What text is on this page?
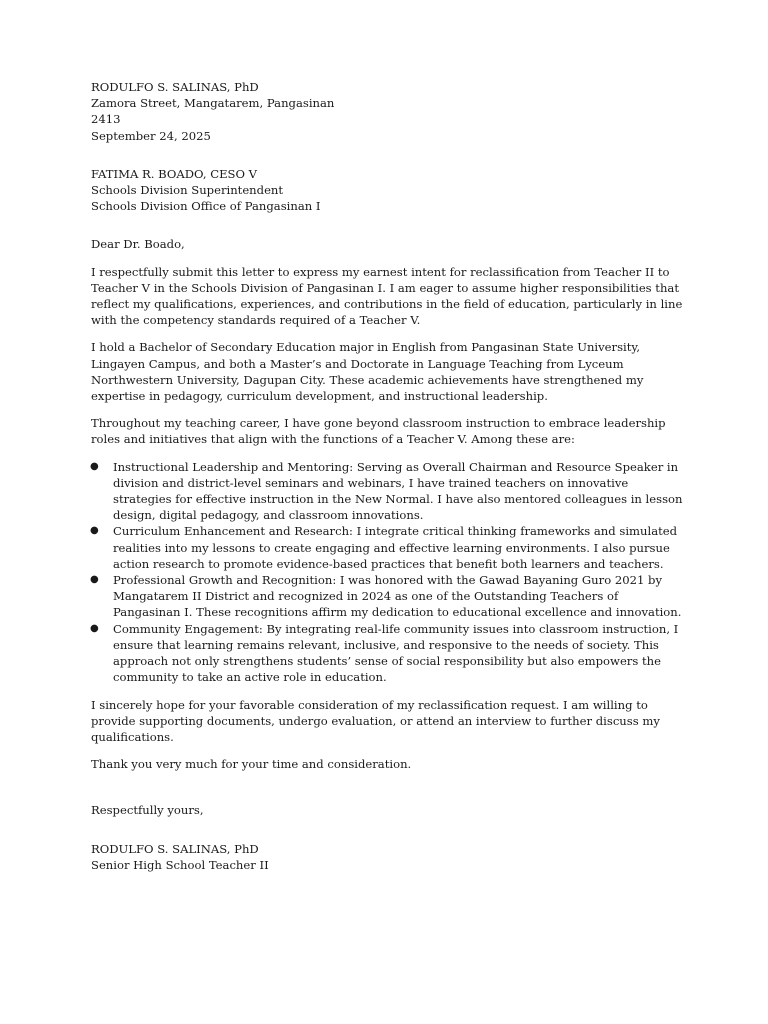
RODULFO S. SALINAS, PhD
Zamora Street, Mangatarem, Pangasinan
2413
September 24, 2025
FATIMA R. BOADO, CESO V
Schools Division Superintendent
Schools Division Office of Pangasinan I
Dear Dr. Boado,

I respectfully submit this letter to express my earnest intent for reclassification from Teacher II to Teacher V in the Schools Division of Pangasinan I. I am eager to assume higher responsibilities that reflect my qualifications, experiences, and contributions in the field of education, particularly in line with the competency standards required of a Teacher V.

I hold a Bachelor of Secondary Education major in English from Pangasinan State University, Lingayen Campus, and both a Master’s and Doctorate in Language Teaching from Lyceum Northwestern University, Dagupan City. These academic achievements have strengthened my expertise in pedagogy, curriculum development, and instructional leadership.

Throughout my teaching career, I have gone beyond classroom instruction to embrace leadership roles and initiatives that align with the functions of a Teacher V. Among these are:

● Instructional Leadership and Mentoring: Serving as Overall Chairman and Resource Speaker in division and district-level seminars and webinars, I have trained teachers on innovative strategies for effective instruction in the New Normal. I have also mentored colleagues in lesson design, digital pedagogy, and classroom innovations.
● Curriculum Enhancement and Research: I integrate critical thinking frameworks and simulated realities into my lessons to create engaging and effective learning environments. I also pursue action research to promote evidence-based practices that benefit both learners and teachers.
● Professional Growth and Recognition: I was honored with the Gawad Bayaning Guro 2021 by Mangatarem II District and recognized in 2024 as one of the Outstanding Teachers of Pangasinan I. These recognitions affirm my dedication to educational excellence and innovation.
● Community Engagement: By integrating real-life community issues into classroom instruction, I ensure that learning remains relevant, inclusive, and responsive to the needs of society. This approach not only strengthens students’ sense of social responsibility but also empowers the community to take an active role in education.

I sincerely hope for your favorable consideration of my reclassification request. I am willing to provide supporting documents, undergo evaluation, or attend an interview to further discuss my qualifications.

Thank you very much for your time and consideration.

Respectfully yours,
RODULFO S. SALINAS, PhD
Senior High School Teacher II
